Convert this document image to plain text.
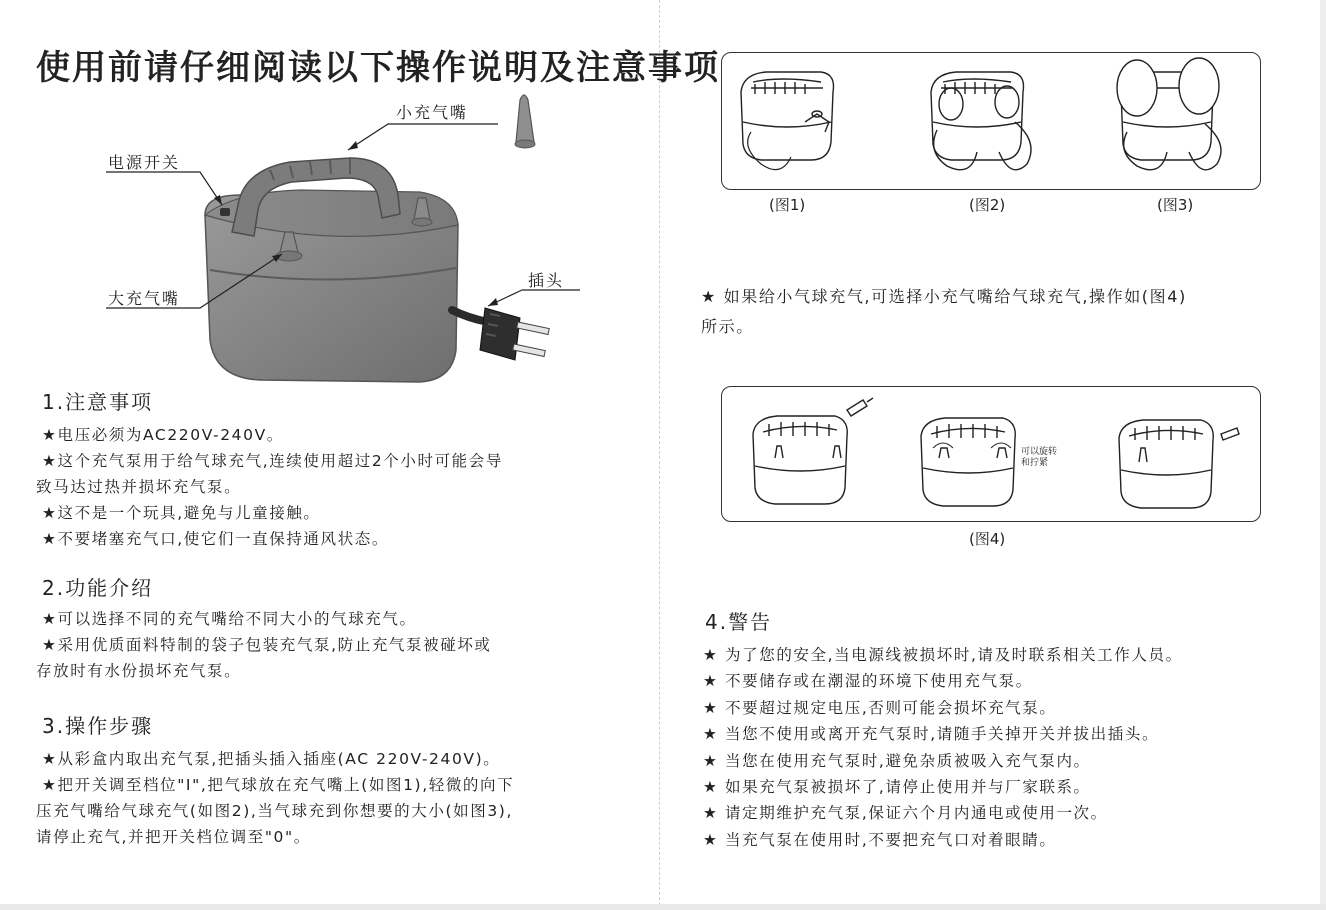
使用前请仔细阅读以下操作说明及注意事项
小充气嘴
电源开关
大充气嘴
插头
1.注意事项

★电压必须为AC220V-240V。

★这个充气泵用于给气球充气,连续使用超过2个小时可能会导

致马达过热并损坏充气泵。

★这不是一个玩具,避免与儿童接触。

★不要堵塞充气口,使它们一直保持通风状态。

2.功能介绍

★可以选择不同的充气嘴给不同大小的气球充气。

★采用优质面料特制的袋子包装充气泵,防止充气泵被碰坏或

存放时有水份损坏充气泵。

3.操作步骤

★从彩盒内取出充气泵,把插头插入插座(AC 220V-240V)。

★把开关调至档位"I",把气球放在充气嘴上(如图1),轻微的向下

压充气嘴给气球充气(如图2),当气球充到你想要的大小(如图3),

请停止充气,并把开关档位调至"0"。

(图1)	(图2)	(图3)

★ 如果给小气球充气,可选择小充气嘴给气球充气,操作如(图4)

所示。

可以旋转
和拧紧
(图4)
4.警告

★ 为了您的安全,当电源线被损坏时,请及时联系相关工作人员。

★ 不要储存或在潮湿的环境下使用充气泵。

★ 不要超过规定电压,否则可能会损坏充气泵。

★ 当您不使用或离开充气泵时,请随手关掉开关并拔出插头。

★ 当您在使用充气泵时,避免杂质被吸入充气泵内。

★ 如果充气泵被损坏了,请停止使用并与厂家联系。

★ 请定期维护充气泵,保证六个月内通电或使用一次。

★ 当充气泵在使用时,不要把充气口对着眼睛。
